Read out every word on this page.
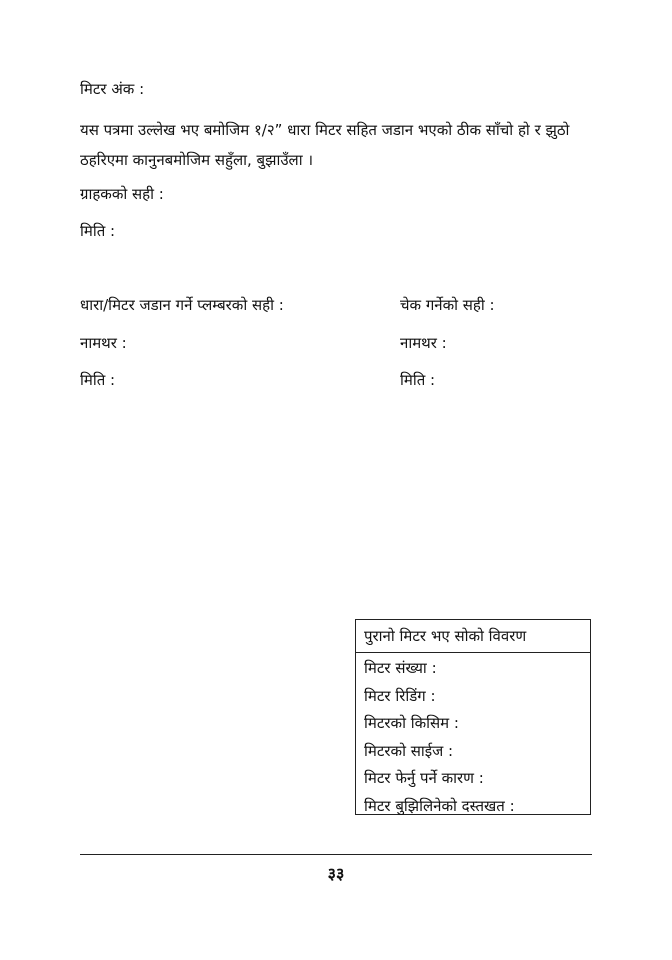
मिटर अंक :
यस पत्रमा उल्लेख भए बमोजिम १/२” धारा मिटर सहित जडान भएको ठीक साँचो हो र झुठो ठहरिएमा कानुनबमोजिम सहुँला, बुझाउँला ।
ग्राहकको सही :
मिति :
धारा/मिटर जडान गर्ने प्लम्बरको सही :
नामथर :
मिति :
चेक गर्नेको सही :
नामथर :
मिति :
पुरानो मिटर भए सोको विवरण
मिटर संख्या :
मिटर रिडिंग :
मिटरको किसिम :
मिटरको साईज :
मिटर फेर्नु पर्ने कारण :
मिटर बुझिलिनेको दस्तखत :
३३
